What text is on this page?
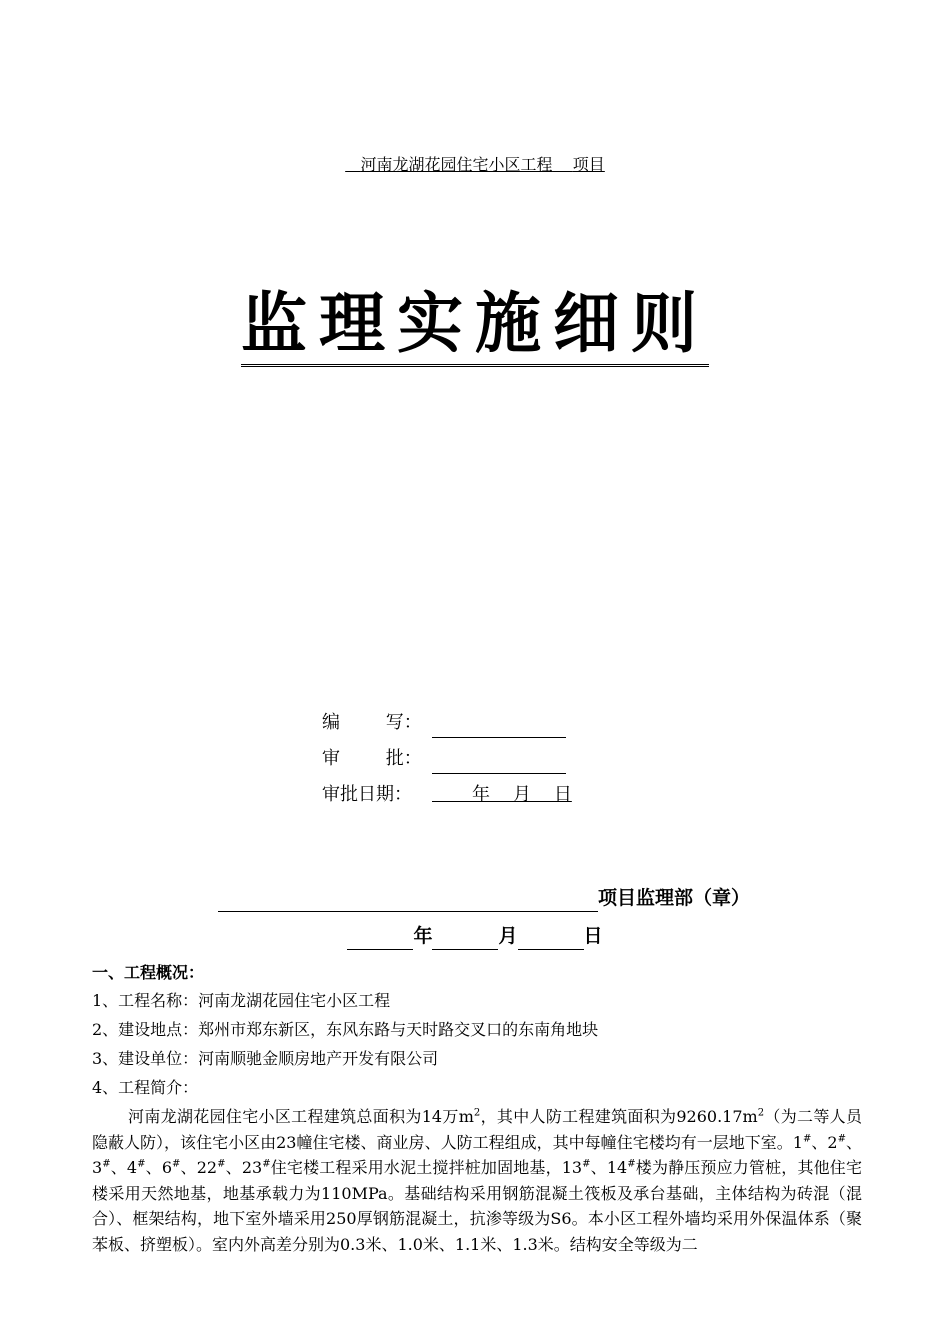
河南龙湖花园住宅小区工程 项目
监理实施细则
编        写：
审        批：
审批日期：	年    月    日
项目监理部（章）
年	月	日
一、工程概况：
1、工程名称：河南龙湖花园住宅小区工程
2、建设地点：郑州市郑东新区，东风东路与天时路交叉口的东南角地块
3、建设单位：河南顺驰金顺房地产开发有限公司
4、工程简介：
河南龙湖花园住宅小区工程建筑总面积为14万$m^2$，其中人防工程建筑面积为$9260.17m^2$（为二等人员隐蔽人防），该住宅小区由23幢住宅楼、商业房、人防工程组成，其中每幢住宅楼均有一层地下室。1#、2#、3#、4#、6#、22#、23#住宅楼工程采用水泥土搅拌桩加固地基，13#、14#楼为静压预应力管桩，其他住宅楼采用天然地基，地基承载力为110MPa。基础结构采用钢筋混凝土筏板及承台基础，主体结构为砖混（混合）、框架结构，地下室外墙采用250厚钢筋混凝土，抗渗等级为S6。本小区工程外墙均采用外保温体系（聚苯板、挤塑板）。室内外高差分别为0.3米、1.0米、1.1米、1.3米。结构安全等级为二
